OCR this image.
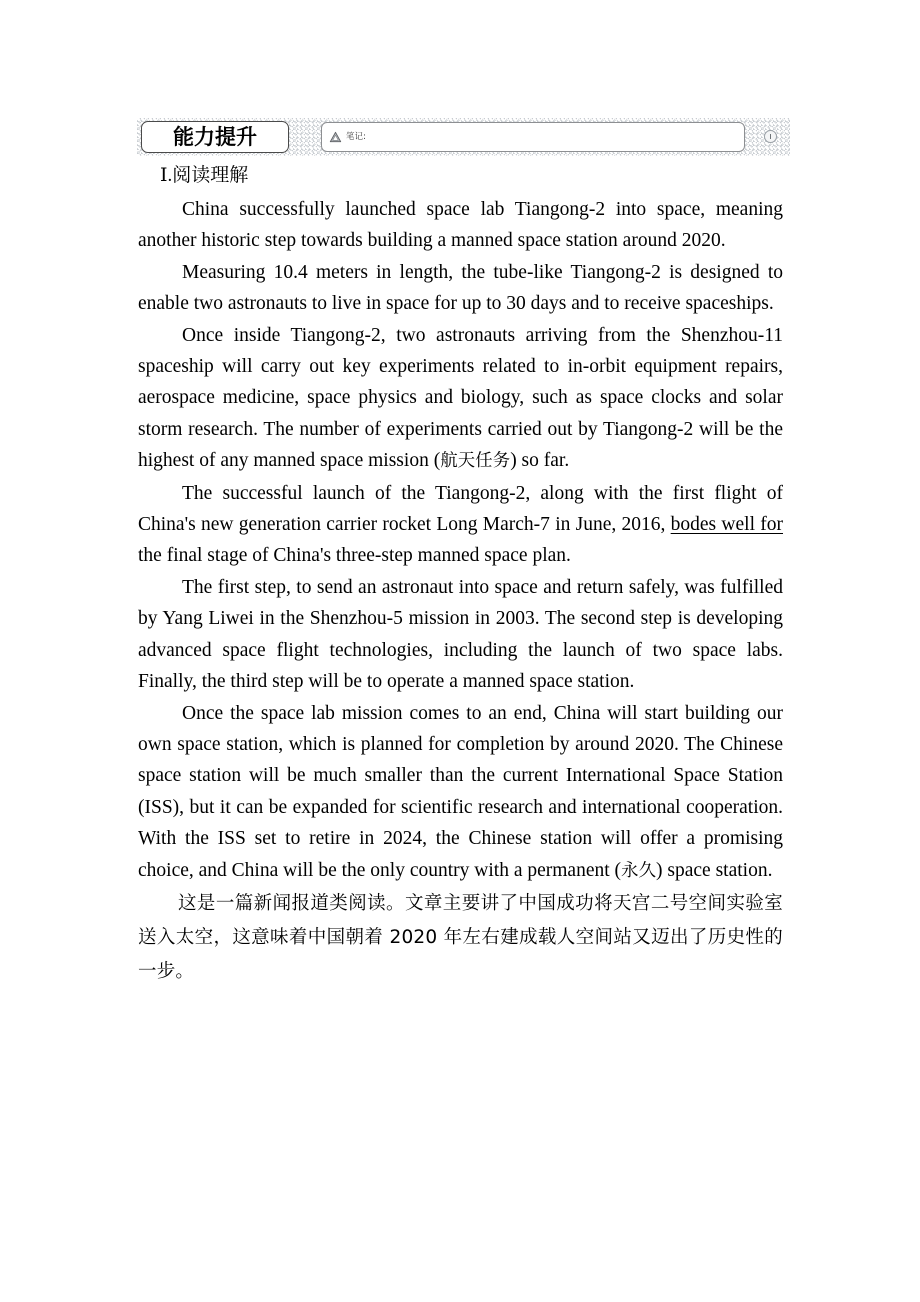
能力提升	笔记:
Ⅰ.阅读理解

China successfully launched space lab Tiangong-2 into space, meaning another historic step towards building a manned space station around 2020.

Measuring 10.4 meters in length, the tube-like Tiangong-2 is designed to enable two astronauts to live in space for up to 30 days and to receive spaceships.

Once inside Tiangong-2, two astronauts arriving from the Shenzhou-11 spaceship will carry out key experiments related to in-orbit equipment repairs, aerospace medicine, space physics and biology, such as space clocks and solar storm research. The number of experiments carried out by Tiangong-2 will be the highest of any manned space mission (航天任务) so far.

The successful launch of the Tiangong-2, along with the first flight of China's new generation carrier rocket Long March-7 in June, 2016, bodes well for the final stage of China's three-step manned space plan.

The first step, to send an astronaut into space and return safely, was fulfilled by Yang Liwei in the Shenzhou-5 mission in 2003. The second step is developing advanced space flight technologies, including the launch of two space labs. Finally, the third step will be to operate a manned space station.

Once the space lab mission comes to an end, China will start building our own space station, which is planned for completion by around 2020. The Chinese space station will be much smaller than the current International Space Station (ISS), but it can be expanded for scientific research and international cooperation. With the ISS set to retire in 2024, the Chinese station will offer a promising choice, and China will be the only country with a permanent (永久) space station.

这是一篇新闻报道类阅读。文章主要讲了中国成功将天宫二号空间实验室送入太空，这意味着中国朝着 2020 年左右建成载人空间站又迈出了历史性的一步。
